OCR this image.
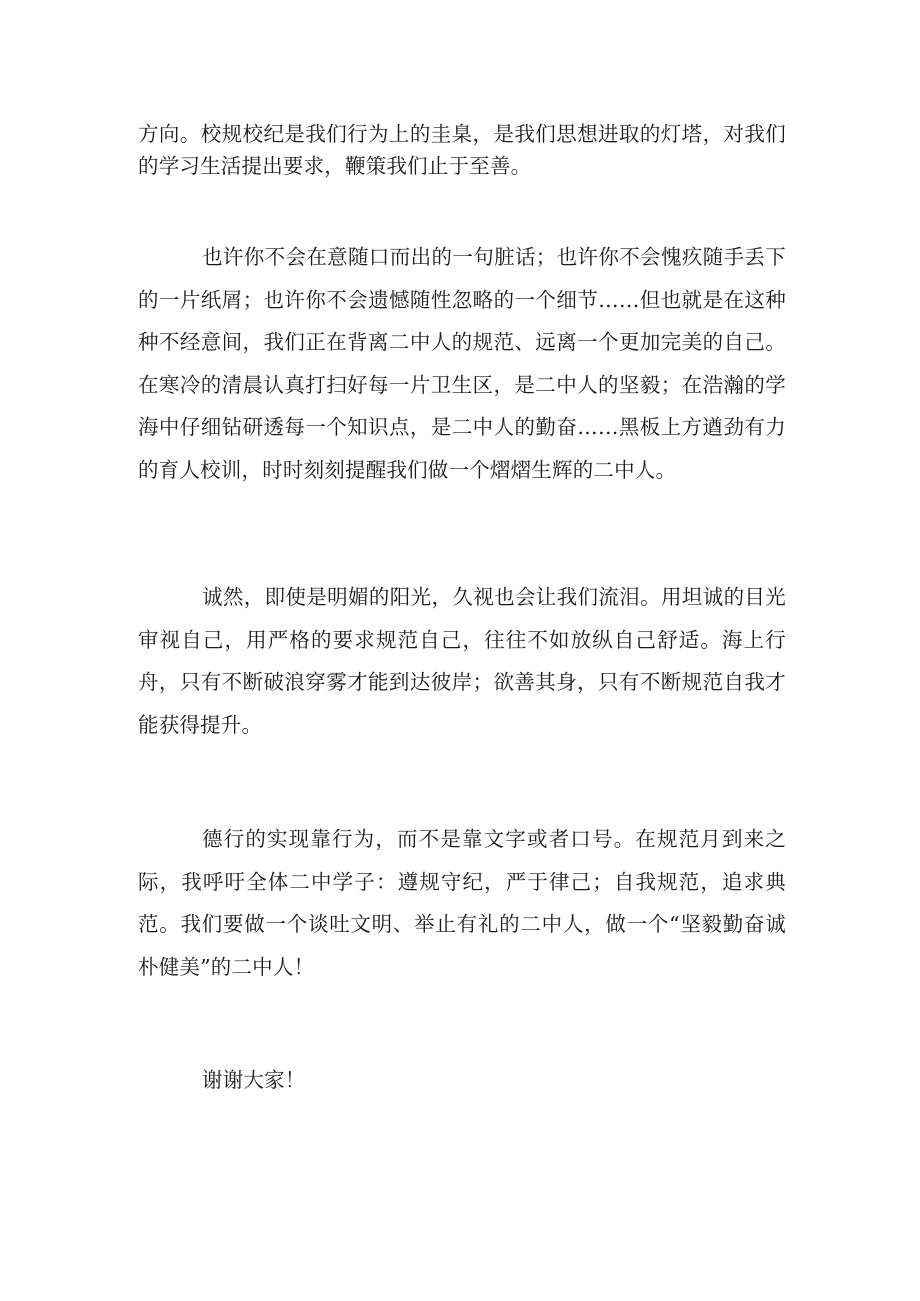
方向。校规校纪是我们行为上的圭臬，是我们思想进取的灯塔，对我们的学习生活提出要求，鞭策我们止于至善。

也许你不会在意随口而出的一句脏话；也许你不会愧疚随手丢下的一片纸屑；也许你不会遗憾随性忽略的一个细节……但也就是在这种种不经意间，我们正在背离二中人的规范、远离一个更加完美的自己。在寒冷的清晨认真打扫好每一片卫生区，是二中人的坚毅；在浩瀚的学海中仔细钻研透每一个知识点，是二中人的勤奋……黑板上方遒劲有力的育人校训，时时刻刻提醒我们做一个熠熠生辉的二中人。

诚然，即使是明媚的阳光，久视也会让我们流泪。用坦诚的目光审视自己，用严格的要求规范自己，往往不如放纵自己舒适。海上行舟，只有不断破浪穿雾才能到达彼岸；欲善其身，只有不断规范自我才能获得提升。

德行的实现靠行为，而不是靠文字或者口号。在规范月到来之际，我呼吁全体二中学子：遵规守纪，严于律己；自我规范，追求典范。我们要做一个谈吐文明、举止有礼的二中人，做一个“坚毅勤奋诚朴健美”的二中人！

谢谢大家！
